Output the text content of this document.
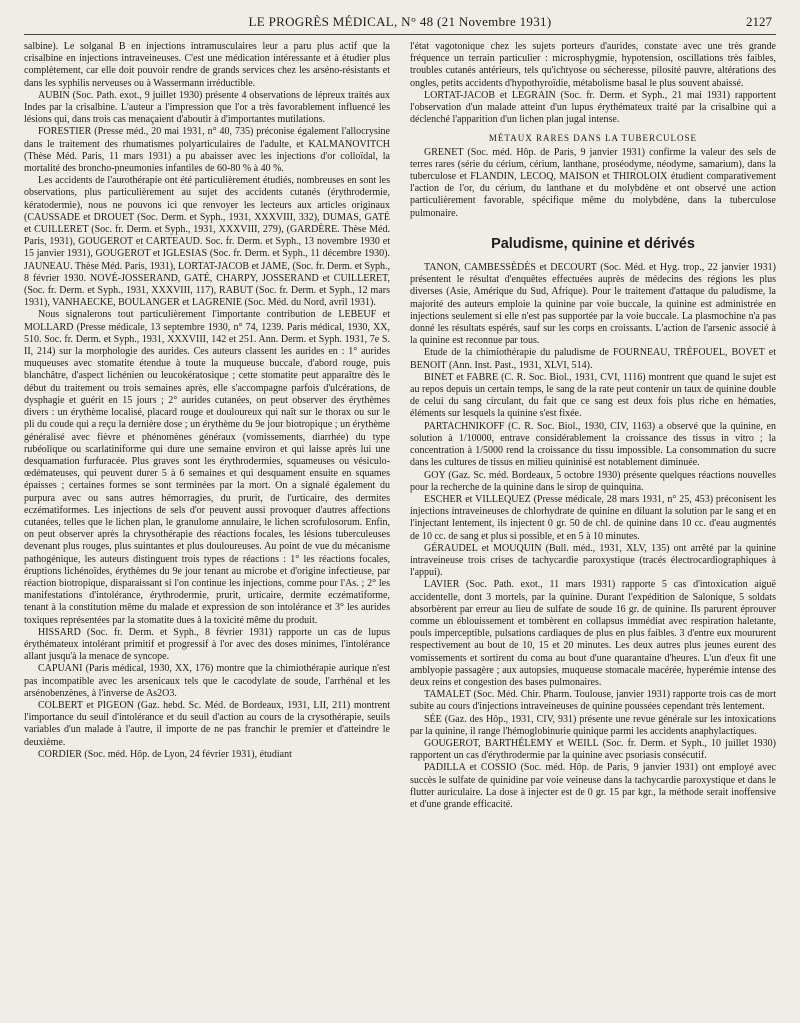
LE PROGRÈS MÉDICAL, N° 48 (21 Novembre 1931)	2127

salbine). Le solganal B en injections intramusculaires leur a paru plus actif que la crisalbine en injections intraveineuses. C'est une médication intéressante et à étudier plus complètement, car elle doit pouvoir rendre de grands services chez les arséno-résistants et dans les syphilis nerveuses ou à Wassermann irréductible.

AUBIN (Soc. Path. exot., 9 juillet 1930) présente 4 observations de lépreux traités aux Indes par la crisalbine. L'auteur a l'impression que l'or a très favorablement influencé les lésions qui, dans trois cas menaçaient d'aboutir à d'importantes mutilations.

FORESTIER (Presse méd., 20 mai 1931, n° 40, 735) préconise également l'allocrysine dans le traitement des rhumatismes polyarticulaires de l'adulte, et KALMANOVITCH (Thèse Méd. Paris, 11 mars 1931) a pu abaisser avec les injections d'or colloïdal, la mortalité des broncho-pneumonies infantiles de 60-80 % à 40 %.

Les accidents de l'aurothérapie ont été particulièrement étudiés, nombreuses en sont les observations, plus particulièrement au sujet des accidents cutanés (érythrodermie, kératodermie), nous ne pouvons ici que renvoyer les lecteurs aux articles originaux (CAUSSADE et DROUET (Soc. Derm. et Syph., 1931, XXXVIII, 332), DUMAS, GATÉ et CUILLERET (Soc. fr. Derm. et Syph., 1931, XXXVIII, 279), (GARDÈRE. Thèse Méd. Paris, 1931), GOUGEROT et CARTEAUD. Soc. fr. Derm. et Syph., 13 novembre 1930 et 15 janvier 1931), GOUGEROT et IGLESIAS (Soc. fr. Derm. et Syph., 11 décembre 1930). JAUNEAU. Thèse Méd. Paris, 1931), LORTAT-JACOB et JAME, (Soc. fr. Derm. et Syph., 8 février 1930. NOVÉ-JOSSERAND, GATÉ, CHARPY, JOSSERAND et CUILLERET, (Soc. fr. Derm. et Syph., 1931, XXXVIII, 117), RABUT (Soc. fr. Derm. et Syph., 12 mars 1931), VANHAECKE, BOULANGER et LAGRENIE (Soc. Méd. du Nord, avril 1931).

Nous signalerons tout particulièrement l'importante contribution de LEBEUF et MOLLARD (Presse médicale, 13 septembre 1930, n° 74, 1239. Paris médical, 1930, XX, 510. Soc. fr. Derm. et Syph., 1931, XXXVIII, 142 et 251. Ann. Derm. et Syph. 1931, 7e S. II, 214) sur la morphologie des aurides. Ces auteurs classent les aurides en : 1° aurides muqueuses avec stomatite étendue à toute la muqueuse buccale, d'abord rouge, puis blanchâtre, d'aspect lichénien ou leucokératosique ; cette stomatite peut apparaître dès le début du traitement ou trois semaines après, elle s'accompagne parfois d'ulcérations, de dysphagie et guérit en 15 jours ; 2° aurides cutanées, on peut observer des érythèmes divers : un érythème localisé, placard rouge et douloureux qui naît sur le thorax ou sur le pli du coude qui a reçu la dernière dose ; un érythème du 9e jour biotropique ; un érythème généralisé avec fièvre et phénomènes généraux (vomissements, diarrhée) du type rubéolique ou scarlatiniforme qui dure une semaine environ et qui laisse après lui une desquamation furfuracée. Plus graves sont les érythrodermies, squameuses ou vésiculo-œdémateuses, qui peuvent durer 5 à 6 semaines et qui desquament ensuite en squames épaisses ; certaines formes se sont terminées par la mort. On a signalé également du purpura avec ou sans autres hémorragies, du prurit, de l'urticaire, des dermites eczématiformes. Les injections de sels d'or peuvent aussi provoquer d'autres affections cutanées, telles que le lichen plan, le granulome annulaire, le lichen scrofulosorum. Enfin, on peut observer après la chrysothérapie des réactions focales, les lésions tuberculeuses devenant plus rouges, plus suintantes et plus douloureuses. Au point de vue du mécanisme pathogénique, les auteurs distinguent trois types de réactions : 1° les réactions focales, éruptions lichénoïdes, érythèmes du 9e jour tenant au microbe et d'origine infectieuse, par réaction biotropique, disparaissant si l'on continue les injections, comme pour l'As. ; 2° les manifestations d'intolérance, érythrodermie, prurit, urticaire, dermite eczématiforme, tenant à la constitution même du malade et expression de son intolérance et 3° les aurides toxiques représentées par la stomatite dues à la toxicité même du produit.

HISSARD (Soc. fr. Derm. et Syph., 8 février 1931) rapporte un cas de lupus érythémateux intolérant primitif et progressif à l'or avec des doses minimes, l'intolérance allant jusqu'à la menace de syncope.

CAPUANI (Paris médical, 1930, XX, 176) montre que la chimiothérapie aurique n'est pas incompatible avec les arsenicaux tels que le cacodylate de soude, l'arrhénal et les arsénobenzènes, à l'inverse de As2O3.

COLBERT et PIGEON (Gaz. hebd. Sc. Méd. de Bordeaux, 1931, LII, 211) montrent l'importance du seuil d'intolérance et du seuil d'action au cours de la crysothérapie, seuils variables d'un malade à l'autre, il importe de ne pas franchir le premier et d'atteindre le deuxième.

CORDIER (Soc. méd. Hôp. de Lyon, 24 février 1931), étudiant

l'état vagotonique chez les sujets porteurs d'aurides, constate avec une très grande fréquence un terrain particulier : microsphygmie, hypotension, oscillations très faibles, troubles cutanés antérieurs, tels qu'ichtyose ou sécheresse, pilosité pauvre, altérations des ongles, petits accidents d'hypothyroïdie, métabolisme basal le plus souvent abaissé.

LORTAT-JACOB et LEGRAIN (Soc. fr. Derm. et Syph., 21 mai 1931) rapportent l'observation d'un malade atteint d'un lupus érythémateux traité par la crisalbine qui a déclenché l'apparition d'un lichen plan jugal intense.

MÉTAUX RARES DANS LA TUBERCULOSE

GRENET (Soc. méd. Hôp. de Paris, 9 janvier 1931) confirme la valeur des sels de terres rares (série du cérium, cérium, lanthane, proséodyme, néodyme, samarium), dans la tuberculose et FLANDIN, LECOQ, MAISON et THIROLOIX étudient comparativement l'action de l'or, du cérium, du lanthane et du molybdène et ont observé une action particulièrement favorable, spécifique même du molybdène, dans la tuberculose pulmonaire.

Paludisme, quinine et dérivés

TANON, CAMBESSÈDÈS et DECOURT (Soc. Méd. et Hyg. trop., 22 janvier 1931) présentent le résultat d'enquêtes effectuées auprès de médecins des régions les plus diverses (Asie, Amérique du Sud, Afrique). Pour le traitement d'attaque du paludisme, la majorité des auteurs emploie la quinine par voie buccale, la quinine est administrée en injections seulement si elle n'est pas supportée par la voie buccale. La plasmochine n'a pas donné les résultats espérés, sauf sur les corps en croissants. L'action de l'arsenic associé à la quinine est reconnue par tous.

Etude de la chimiothérapie du paludisme de FOURNEAU, TRÉFOUEL, BOVET et BENOIT (Ann. Inst. Past., 1931, XLVI, 514).

BINET et FABRE (C. R. Soc. Biol., 1931, CVI, 1116) montrent que quand le sujet est au repos depuis un certain temps, le sang de la rate peut contenir un taux de quinine double de celui du sang circulant, du fait que ce sang est deux fois plus riche en hématies, éléments sur lesquels la quinine s'est fixée.

PARTACHNIKOFF (C. R. Soc. Biol., 1930, CIV, 1163) a observé que la quinine, en solution à 1/10000, entrave considérablement la croissance des tissus in vitro ; la concentration à 1/5000 rend la croissance du tissu impossible. La consommation du sucre dans les cultures de tissus en milieu quininisé est notablement diminuée.

GOY (Gaz. Sc. méd. Bordeaux, 5 octobre 1930) présente quelques réactions nouvelles pour la recherche de la quinine dans le sirop de quinquina.

ESCHER et VILLEQUEZ (Presse médicale, 28 mars 1931, n° 25, 453) préconisent les injections intraveineuses de chlorhydrate de quinine en diluant la solution par le sang et en l'injectant lentement, ils injectent 0 gr. 50 de chl. de quinine dans 10 cc. d'eau augmentés de 10 cc. de sang et plus si possible, et en 5 à 10 minutes.

GÉRAUDEL et MOUQUIN (Bull. méd., 1931, XLV, 135) ont arrêté par la quinine intraveineuse trois crises de tachycardie paroxystique (tracés électrocardiographiques à l'appui).

LAVIER (Soc. Path. exot., 11 mars 1931) rapporte 5 cas d'intoxication aiguë accidentelle, dont 3 mortels, par la quinine. Durant l'expédition de Salonique, 5 soldats absorbèrent par erreur au lieu de sulfate de soude 16 gr. de quinine. Ils parurent éprouver comme un éblouissement et tombèrent en collapsus immédiat avec respiration haletante, pouls imperceptible, pulsations cardiaques de plus en plus faibles. 3 d'entre eux moururent respectivement au bout de 10, 15 et 20 minutes. Les deux autres plus jeunes eurent des vomissements et sortirent du coma au bout d'une quarantaine d'heures. L'un d'eux fit une amblyopie passagère ; aux autopsies, muqueuse stomacale macérée, hyperémie intense des deux reins et congestion des bases pulmonaires.

TAMALET (Soc. Méd. Chir. Pharm. Toulouse, janvier 1931) rapporte trois cas de mort subite au cours d'injections intraveineuses de quinine poussées cependant très lentement.

SÉE (Gaz. des Hôp., 1931, CIV, 931) présente une revue générale sur les intoxications par la quinine, il range l'hémoglobinurie quinique parmi les accidents anaphylactiques.

GOUGEROT, BARTHÉLEMY et WEILL (Soc. fr. Derm. et Syph., 10 juillet 1930) rapportent un cas d'érythrodermie par la quinine avec psoriasis consécutif.

PADILLA et COSSIO (Soc. méd. Hôp. de Paris, 9 janvier 1931) ont employé avec succès le sulfate de quinidine par voie veineuse dans la tachycardie paroxystique et dans le flutter auriculaire. La dose à injecter est de 0 gr. 15 par kgr., la méthode serait inoffensive et d'une grande efficacité.
